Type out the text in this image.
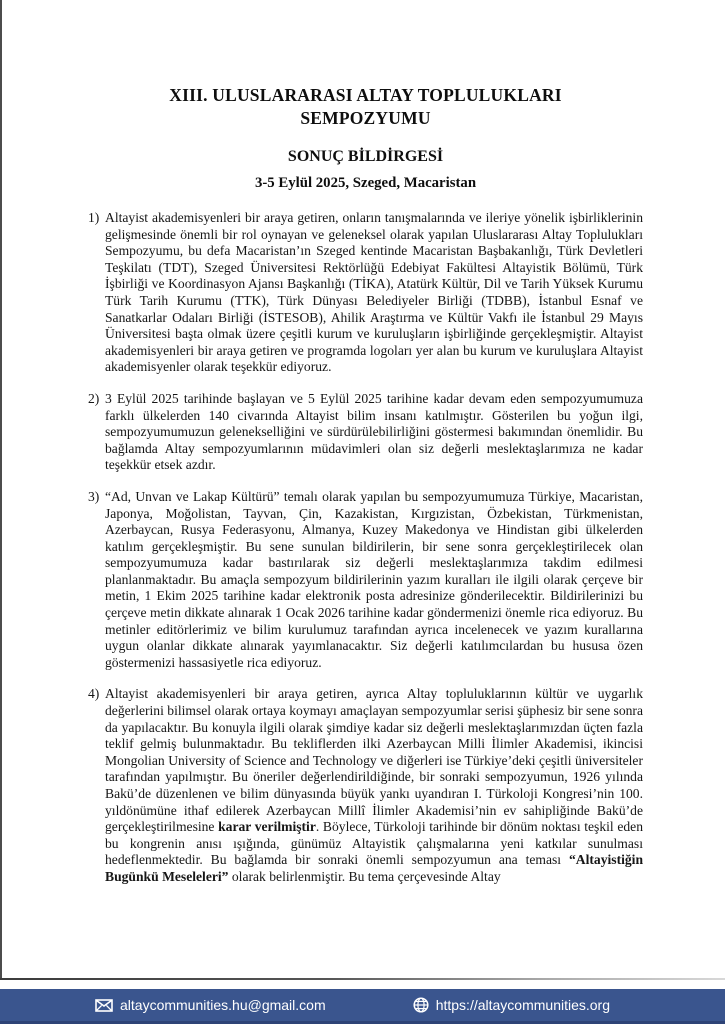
XIII. ULUSLARARASI ALTAY TOPLULUKLARI
SEMPOZYUMU
SONUÇ BİLDİRGESİ
3-5 Eylül 2025, Szeged, Macaristan
1) Altayist akademisyenleri bir araya getiren, onların tanışmalarında ve ileriye yönelik işbirliklerinin gelişmesinde önemli bir rol oynayan ve geleneksel olarak yapılan Uluslararası Altay Toplulukları Sempozyumu, bu defa Macaristan’ın Szeged kentinde Macaristan Başbakanlığı, Türk Devletleri Teşkilatı (TDT), Szeged Üniversitesi Rektörlüğü Edebiyat Fakültesi Altayistik Bölümü, Türk İşbirliği ve Koordinasyon Ajansı Başkanlığı (TİKA), Atatürk Kültür, Dil ve Tarih Yüksek Kurumu Türk Tarih Kurumu (TTK), Türk Dünyası Belediyeler Birliği (TDBB), İstanbul Esnaf ve Sanatkarlar Odaları Birliği (İSTESOB), Ahilik Araştırma ve Kültür Vakfı ile İstanbul 29 Mayıs Üniversitesi başta olmak üzere çeşitli kurum ve kuruluşların işbirliğinde gerçekleşmiştir. Altayist akademisyenleri bir araya getiren ve programda logoları yer alan bu kurum ve kuruluşlara Altayist akademisyenler olarak teşekkür ediyoruz.
2) 3 Eylül 2025 tarihinde başlayan ve 5 Eylül 2025 tarihine kadar devam eden sempozyumumuza farklı ülkelerden 140 civarında Altayist bilim insanı katılmıştır. Gösterilen bu yoğun ilgi, sempozyumumuzun gelenekselliğini ve sürdürülebilirliğini göstermesi bakımından önemlidir. Bu bağlamda Altay sempozyumlarının müdavimleri olan siz değerli meslektaşlarımıza ne kadar teşekkür etsek azdır.
3) “Ad, Unvan ve Lakap Kültürü” temalı olarak yapılan bu sempozyumumuza Türkiye, Macaristan, Japonya, Moğolistan, Tayvan, Çin, Kazakistan, Kırgızistan, Özbekistan, Türkmenistan, Azerbaycan, Rusya Federasyonu, Almanya, Kuzey Makedonya ve Hindistan gibi ülkelerden katılım gerçekleşmiştir. Bu sene sunulan bildirilerin, bir sene sonra gerçekleştirilecek olan sempozyumumuza kadar bastırılarak siz değerli meslektaşlarımıza takdim edilmesi planlanmaktadır. Bu amaçla sempozyum bildirilerinin yazım kuralları ile ilgili olarak çerçeve bir metin, 1 Ekim 2025 tarihine kadar elektronik posta adresinize gönderilecektir. Bildirilerinizi bu çerçeve metin dikkate alınarak 1 Ocak 2026 tarihine kadar göndermenizi önemle rica ediyoruz. Bu metinler editörlerimiz ve bilim kurulumuz tarafından ayrıca incelenecek ve yazım kurallarına uygun olanlar dikkate alınarak yayımlanacaktır. Siz değerli katılımcılardan bu hususa özen göstermenizi hassasiyetle rica ediyoruz.
4) Altayist akademisyenleri bir araya getiren, ayrıca Altay topluluklarının kültür ve uygarlık değerlerini bilimsel olarak ortaya koymayı amaçlayan sempozyumlar serisi şüphesiz bir sene sonra da yapılacaktır. Bu konuyla ilgili olarak şimdiye kadar siz değerli meslektaşlarımızdan üçten fazla teklif gelmiş bulunmaktadır. Bu tekliflerden ilki Azerbaycan Milli İlimler Akademisi, ikincisi Mongolian University of Science and Technology ve diğerleri ise Türkiye’deki çeşitli üniversiteler tarafından yapılmıştır. Bu öneriler değerlendirildiğinde, bir sonraki sempozyumun, 1926 yılında Bakü’de düzenlenen ve bilim dünyasında büyük yankı uyandıran I. Türkoloji Kongresi’nin 100. yıldönümüne ithaf edilerek Azerbaycan Millî İlimler Akademisi’nin ev sahipliğinde Bakü’de gerçekleştirilmesine karar verilmiştir. Böylece, Türkoloji tarihinde bir dönüm noktası teşkil eden bu kongrenin anısı ışığında, günümüz Altayistik çalışmalarına yeni katkılar sunulması hedeflenmektedir. Bu bağlamda bir sonraki önemli sempozyumun ana teması “Altayistiğin Bugünkü Meseleleri” olarak belirlenmiştir. Bu tema çerçevesinde Altay
altaycommunities.hu@gmail.com	https://altaycommunities.org
